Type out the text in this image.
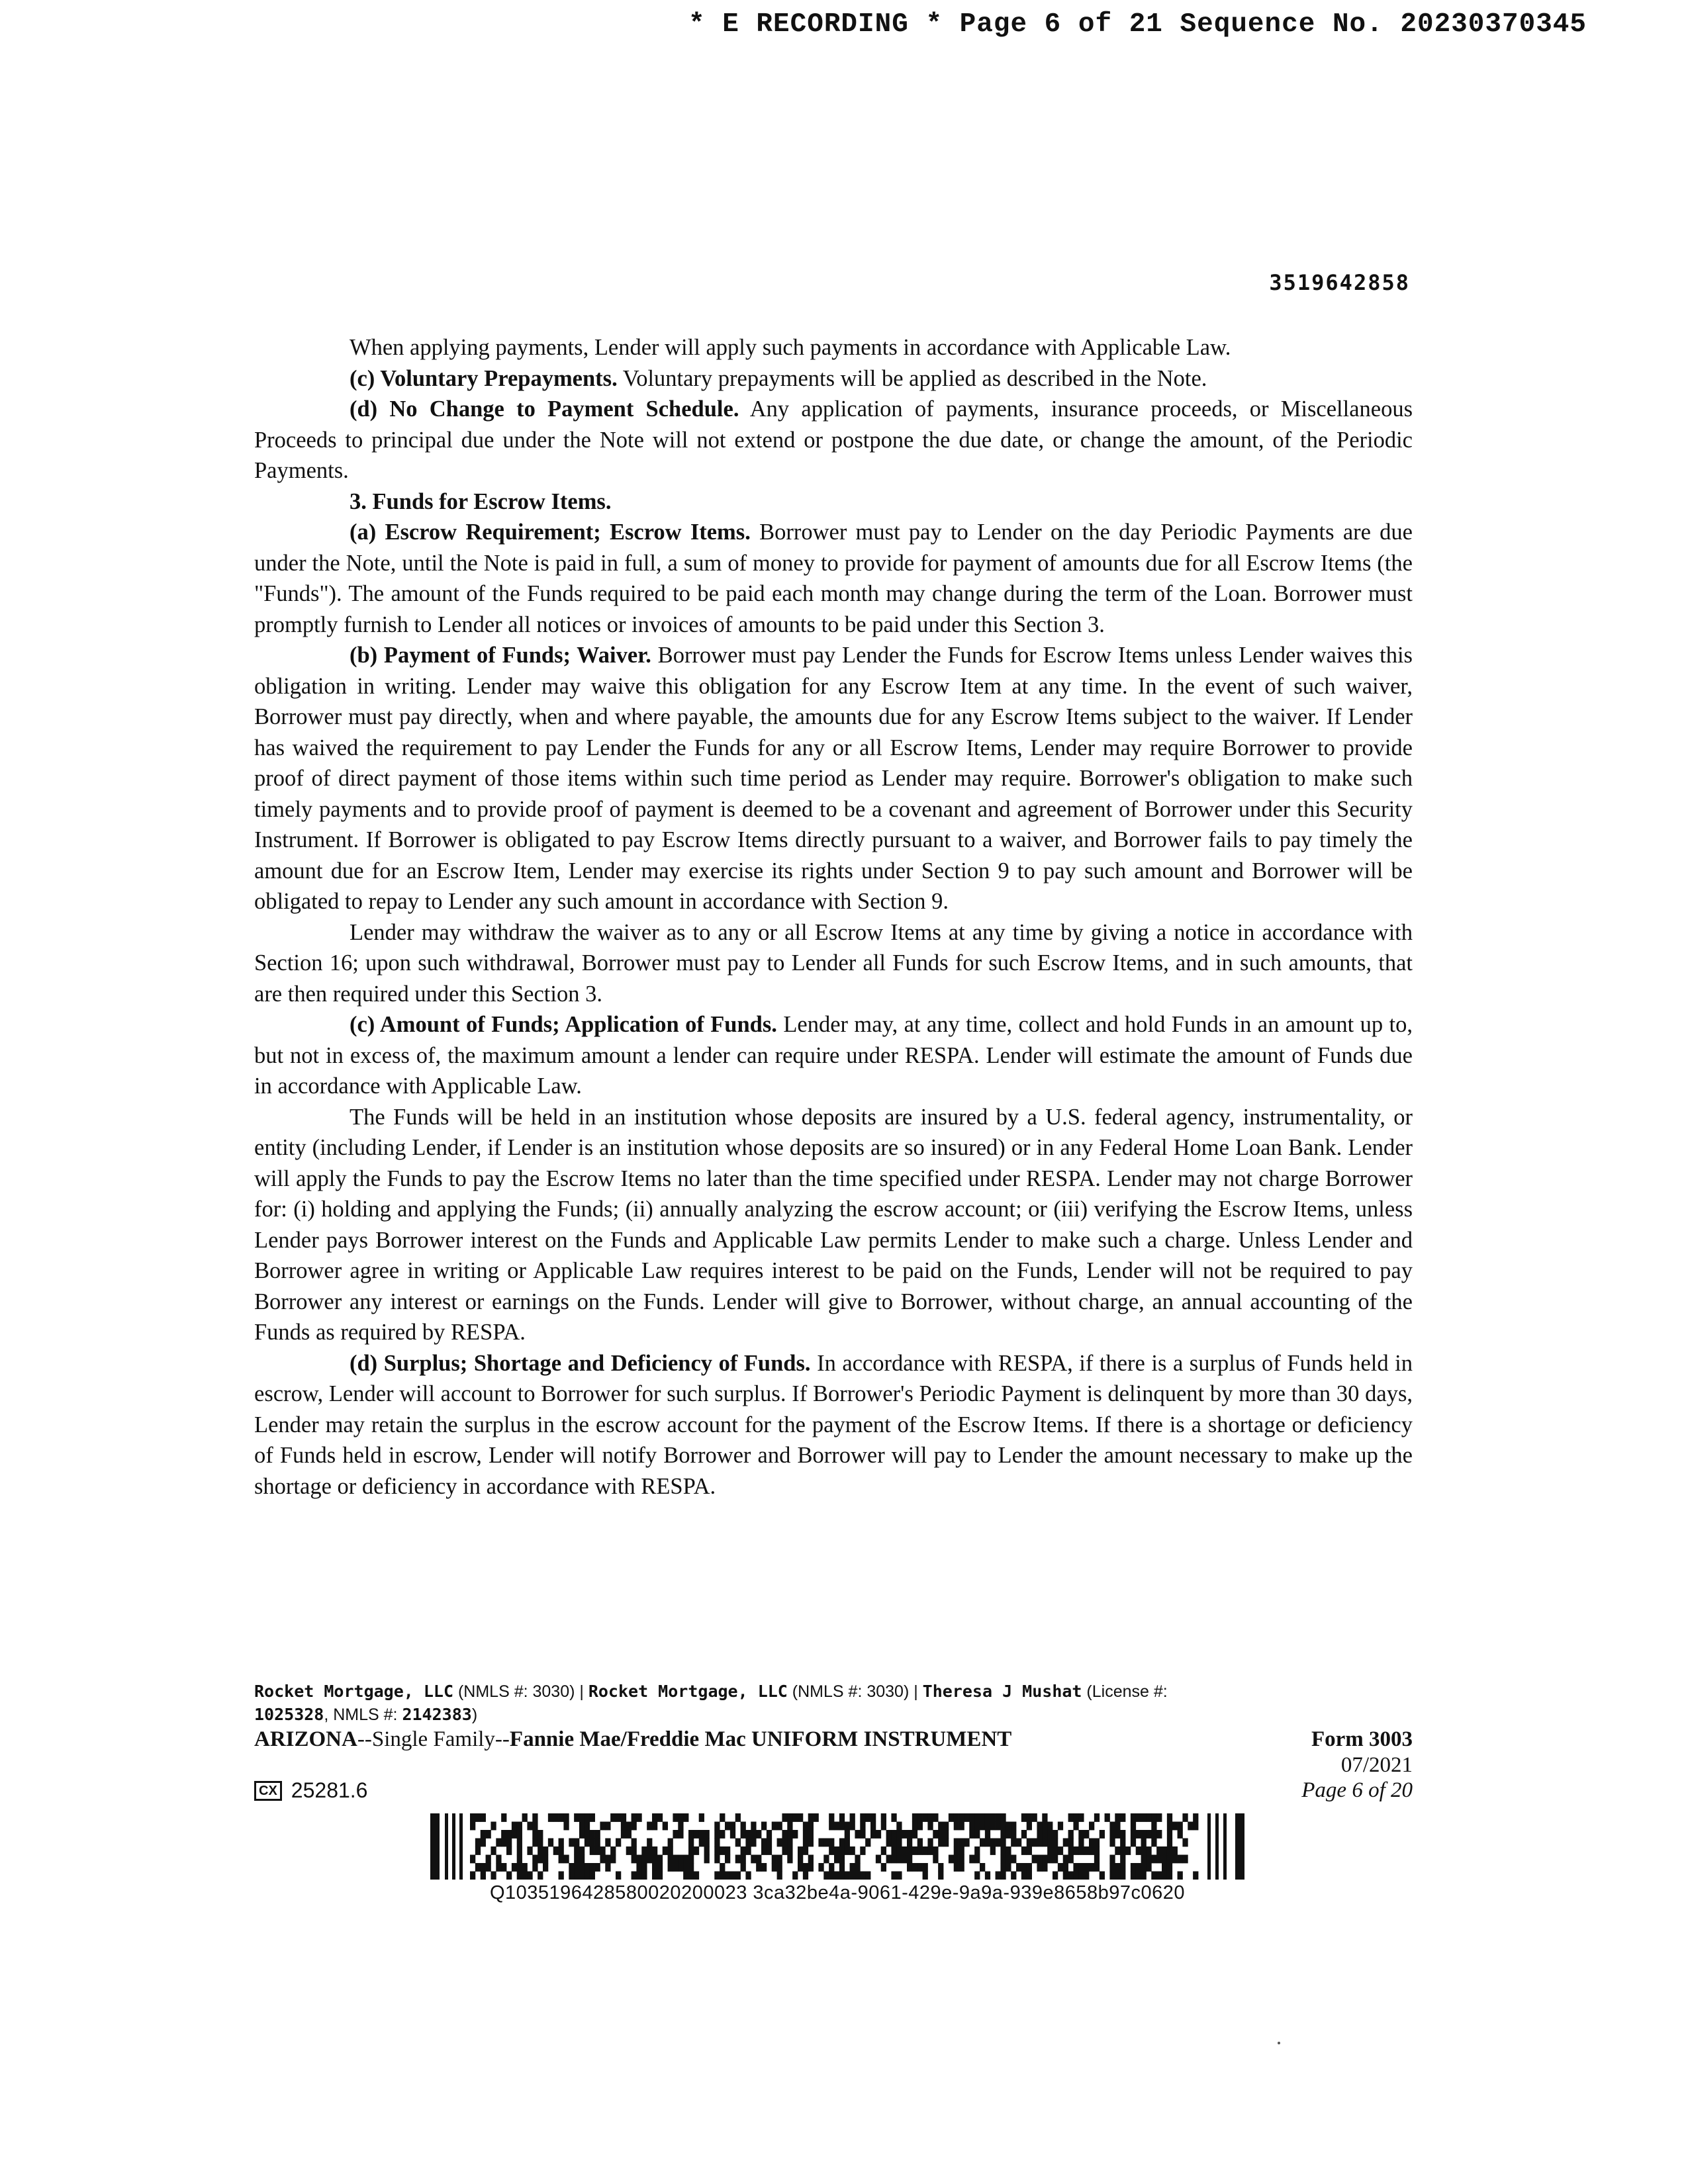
* E RECORDING * Page 6 of 21 Sequence No. 20230370345
3519642858

When applying payments, Lender will apply such payments in accordance with Applicable Law.

(c) Voluntary Prepayments. Voluntary prepayments will be applied as described in the Note.

(d) No Change to Payment Schedule. Any application of payments, insurance proceeds, or Miscellaneous Proceeds to principal due under the Note will not extend or postpone the due date, or change the amount, of the Periodic Payments.

3. Funds for Escrow Items.

(a) Escrow Requirement; Escrow Items. Borrower must pay to Lender on the day Periodic Payments are due under the Note, until the Note is paid in full, a sum of money to provide for payment of amounts due for all Escrow Items (the "Funds"). The amount of the Funds required to be paid each month may change during the term of the Loan. Borrower must promptly furnish to Lender all notices or invoices of amounts to be paid under this Section 3.

(b) Payment of Funds; Waiver. Borrower must pay Lender the Funds for Escrow Items unless Lender waives this obligation in writing. Lender may waive this obligation for any Escrow Item at any time. In the event of such waiver, Borrower must pay directly, when and where payable, the amounts due for any Escrow Items subject to the waiver. If Lender has waived the requirement to pay Lender the Funds for any or all Escrow Items, Lender may require Borrower to provide proof of direct payment of those items within such time period as Lender may require. Borrower's obligation to make such timely payments and to provide proof of payment is deemed to be a covenant and agreement of Borrower under this Security Instrument. If Borrower is obligated to pay Escrow Items directly pursuant to a waiver, and Borrower fails to pay timely the amount due for an Escrow Item, Lender may exercise its rights under Section 9 to pay such amount and Borrower will be obligated to repay to Lender any such amount in accordance with Section 9.

Lender may withdraw the waiver as to any or all Escrow Items at any time by giving a notice in accordance with Section 16; upon such withdrawal, Borrower must pay to Lender all Funds for such Escrow Items, and in such amounts, that are then required under this Section 3.

(c) Amount of Funds; Application of Funds. Lender may, at any time, collect and hold Funds in an amount up to, but not in excess of, the maximum amount a lender can require under RESPA. Lender will estimate the amount of Funds due in accordance with Applicable Law.

The Funds will be held in an institution whose deposits are insured by a U.S. federal agency, instrumentality, or entity (including Lender, if Lender is an institution whose deposits are so insured) or in any Federal Home Loan Bank. Lender will apply the Funds to pay the Escrow Items no later than the time specified under RESPA. Lender may not charge Borrower for: (i) holding and applying the Funds; (ii) annually analyzing the escrow account; or (iii) verifying the Escrow Items, unless Lender pays Borrower interest on the Funds and Applicable Law permits Lender to make such a charge. Unless Lender and Borrower agree in writing or Applicable Law requires interest to be paid on the Funds, Lender will not be required to pay Borrower any interest or earnings on the Funds. Lender will give to Borrower, without charge, an annual accounting of the Funds as required by RESPA.

(d) Surplus; Shortage and Deficiency of Funds. In accordance with RESPA, if there is a surplus of Funds held in escrow, Lender will account to Borrower for such surplus. If Borrower's Periodic Payment is delinquent by more than 30 days, Lender may retain the surplus in the escrow account for the payment of the Escrow Items. If there is a shortage or deficiency of Funds held in escrow, Lender will notify Borrower and Borrower will pay to Lender the amount necessary to make up the shortage or deficiency in accordance with RESPA.

Rocket Mortgage, LLC (NMLS #: 3030) | Rocket Mortgage, LLC (NMLS #: 3030) | Theresa J Mushat (License #:
1025328, NMLS #: 2142383)
ARIZONA--Single Family--Fannie Mae/Freddie Mac UNIFORM INSTRUMENT	Form 3003
07/2021
CX 25281.6	Page 6 of 20
Q1035196428580020200023 3ca32be4a-9061-429e-9a9a-939e8658b97c0620
